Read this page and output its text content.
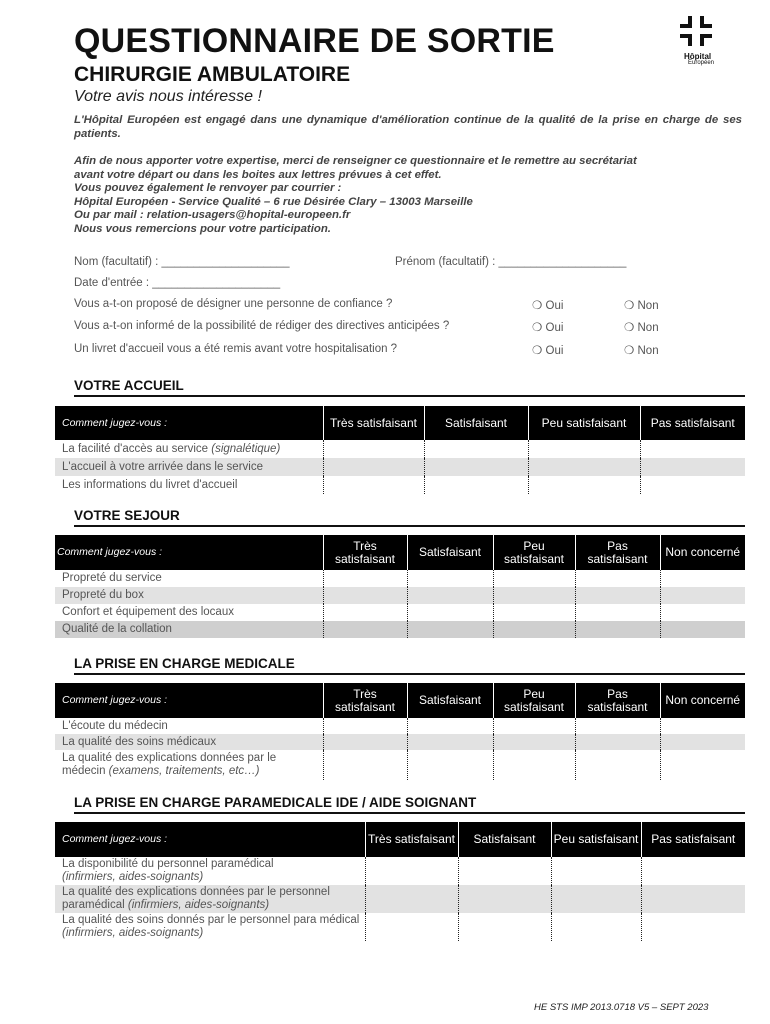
QUESTIONNAIRE DE SORTIE
CHIRURGIE AMBULATOIRE
Votre avis nous intéresse !
Hôpital
Européen

L'Hôpital Européen est engagé dans une dynamique d'amélioration continue de la qualité de la prise en charge de ses patients.

Afin de nous apporter votre expertise, merci de renseigner ce questionnaire et le remettre au secrétariat

avant votre départ ou dans les boites aux lettres prévues à cet effet.

Vous pouvez également le renvoyer par courrier :

Hôpital Européen - Service Qualité – 6 rue Désirée Clary – 13003 Marseille

Ou par mail : relation-usagers@hopital-europeen.fr

Nous vous remercions pour votre participation.

Nom (facultatif) : ____________________	Prénom (facultatif) : ____________________
Date d'entrée : ____________________
Vous a-t-on proposé de désigner une personne de confiance ?	❍ Oui	❍ Non
Vous a-t-on informé de la possibilité de rédiger des directives anticipées ?	❍ Oui	❍ Non
Un livret d'accueil vous a été remis avant votre hospitalisation ?	❍ Oui	❍ Non
VOTRE ACCUEIL
Comment jugez-vous :	Très satisfaisant	Satisfaisant	Peu satisfaisant	Pas satisfaisant
La facilité d'accès au service (signalétique)				
L'accueil à votre arrivée dans le service				
Les informations du livret d'accueil				
VOTRE SEJOUR
Comment jugez-vous :	Très satisfaisant	Satisfaisant	Peu satisfaisant	Pas satisfaisant	Non concerné
Propreté du service					
Propreté du box					
Confort et équipement des locaux					
Qualité de la collation					
LA PRISE EN CHARGE MEDICALE
Comment jugez-vous :	Très satisfaisant	Satisfaisant	Peu satisfaisant	Pas satisfaisant	Non concerné
L'écoute du médecin					
La qualité des soins médicaux					
La qualité des explications données par le médecin (examens, traitements, etc…)					
LA PRISE EN CHARGE PARAMEDICALE IDE / AIDE SOIGNANT
Comment jugez-vous :	Très satisfaisant	Satisfaisant	Peu satisfaisant	Pas satisfaisant
La disponibilité du personnel paramédical
(infirmiers, aides-soignants)				
La qualité des explications données par le personnel paramédical (infirmiers, aides-soignants)				
La qualité des soins donnés par le personnel para médical (infirmiers, aides-soignants)				
HE STS IMP 2013.0718 V5 – SEPT 2023
